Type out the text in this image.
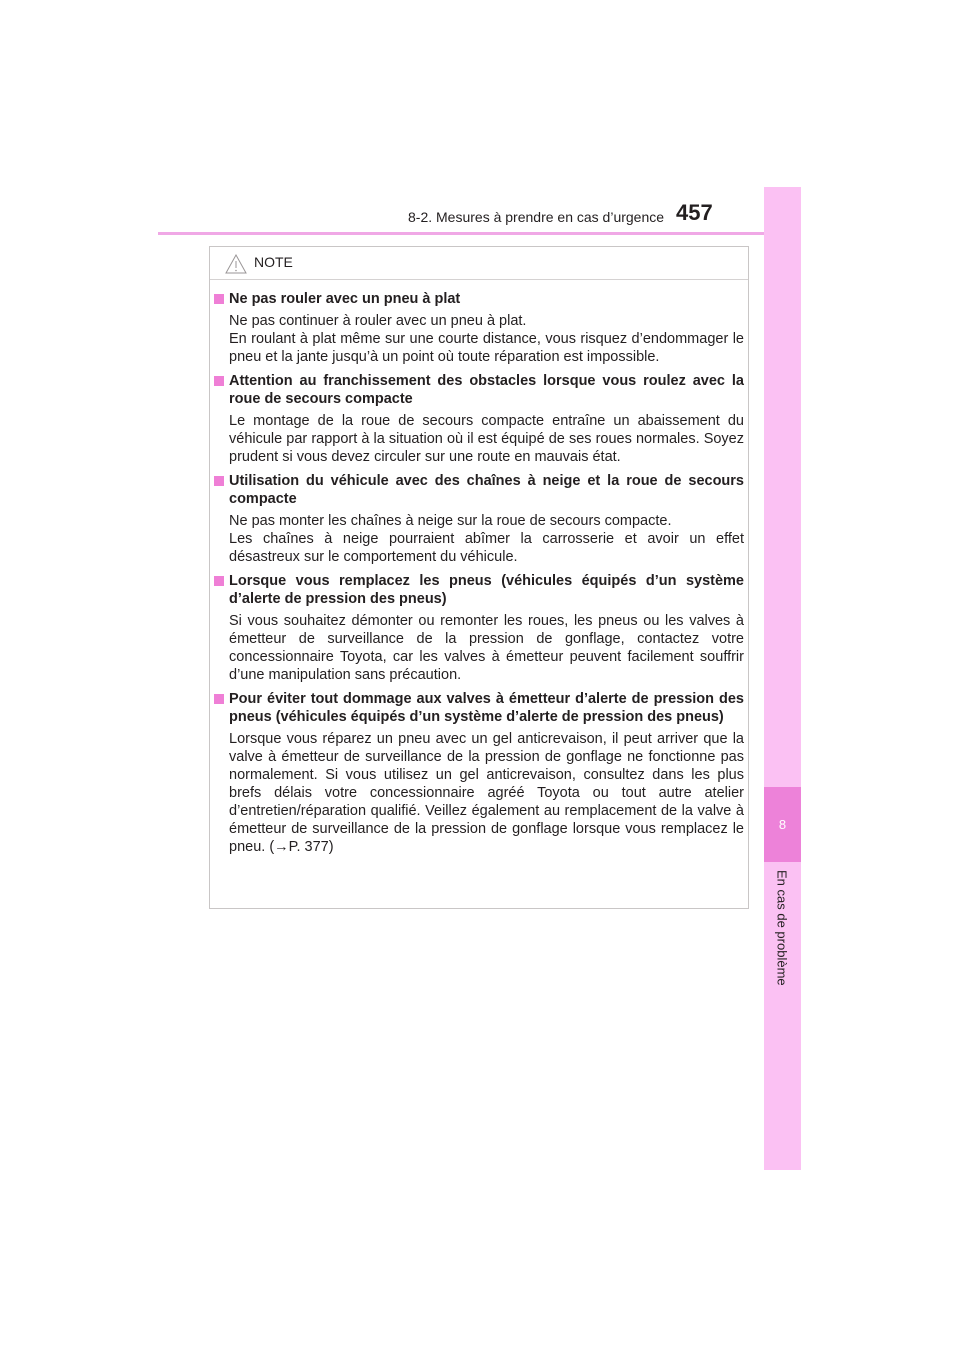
8-2. Mesures à prendre en cas d’urgence 457
8
En cas de problème
NOTE
Ne pas rouler avec un pneu à plat

Ne pas continuer à rouler avec un pneu à plat.

En roulant à plat même sur une courte distance, vous risquez d’endommager le pneu et la jante jusqu’à un point où toute réparation est impossible.

Attention au franchissement des obstacles lorsque vous roulez avec la roue de secours compacte

Le montage de la roue de secours compacte entraîne un abaissement du véhicule par rapport à la situation où il est équipé de ses roues normales. Soyez prudent si vous devez circuler sur une route en mauvais état.

Utilisation du véhicule avec des chaînes à neige et la roue de secours compacte

Ne pas monter les chaînes à neige sur la roue de secours compacte.

Les chaînes à neige pourraient abîmer la carrosserie et avoir un effet désastreux sur le comportement du véhicule.

Lorsque vous remplacez les pneus (véhicules équipés d’un système d’alerte de pression des pneus)

Si vous souhaitez démonter ou remonter les roues, les pneus ou les valves à émetteur de surveillance de la pression de gonflage, contactez votre concessionnaire Toyota, car les valves à émetteur peuvent facilement souffrir d’une manipulation sans précaution.

Pour éviter tout dommage aux valves à émetteur d’alerte de pression des pneus (véhicules équipés d’un système d’alerte de pression des pneus)

Lorsque vous réparez un pneu avec un gel anticrevaison, il peut arriver que la valve à émetteur de surveillance de la pression de gonflage ne fonctionne pas normalement. Si vous utilisez un gel anticrevaison, consultez dans les plus brefs délais votre concessionnaire agréé Toyota ou tout autre atelier d’entretien/réparation qualifié. Veillez également au remplacement de la valve à émetteur de surveillance de la pression de gonflage lorsque vous remplacez le pneu. (→P. 377)
